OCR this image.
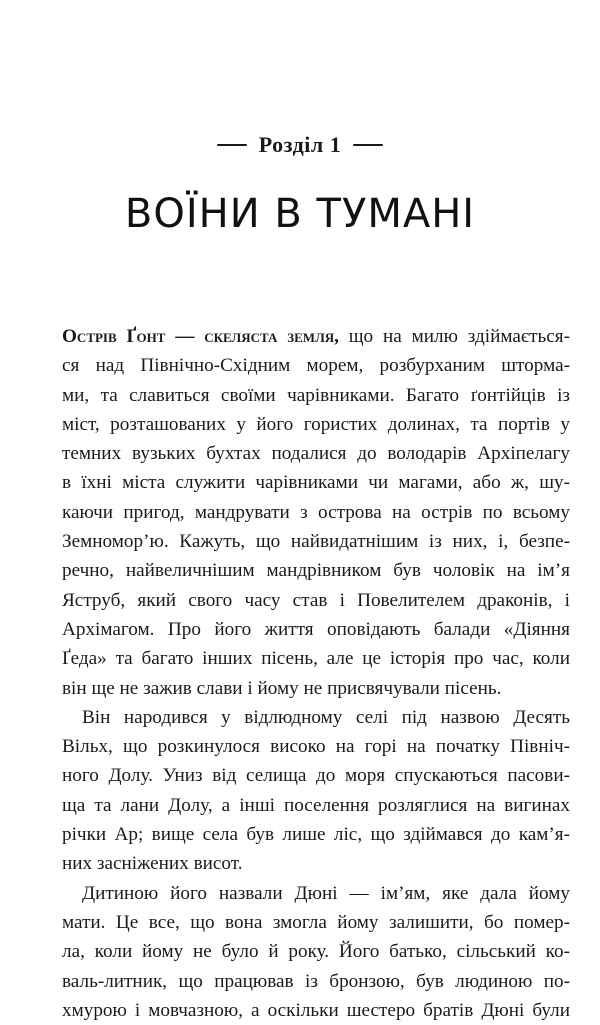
Розділ 1
ВОЇНИ В ТУМАНІ
Острів Ґонт — скеляста земля, що на милю здіймається-
ся над Північно-Східним морем, розбурханим шторма-
ми, та славиться своїми чарівниками. Багато ґонтійців із
міст, розташованих у його гористих долинах, та портів у
темних вузьких бухтах подалися до володарів Архіпелагу
в їхні міста служити чарівниками чи магами, або ж, шу-
каючи пригод, мандрувати з острова на острів по всьому
Земномор’ю. Кажуть, що найвидатнішим із них, і, безпе-
речно, найвеличнішим мандрівником був чоловік на ім’я
Яструб, який свого часу став і Повелителем драконів, і
Архімагом. Про його життя оповідають балади «Діяння
Ґеда» та багато інших пісень, але це історія про час, коли
він ще не зажив слави і йому не присвячували пісень.
Він народився у відлюдному селі під назвою Десять
Вільх, що розкинулося високо на горі на початку Північ-
ного Долу. Униз від селища до моря спускаються пасови-
ща та лани Долу, а інші поселення розляглися на вигинах
річки Ар; вище села був лише ліс, що здіймався до кам’я-
них засніжених висот.
Дитиною його назвали Дюні — ім’ям, яке дала йому
мати. Це все, що вона змогла йому залишити, бо помер-
ла, коли йому не було й року. Його батько, сільський ко-
валь-литник, що працював із бронзою, був людиною по-
хмурою і мовчазною, а оскільки шестеро братів Дюні були
